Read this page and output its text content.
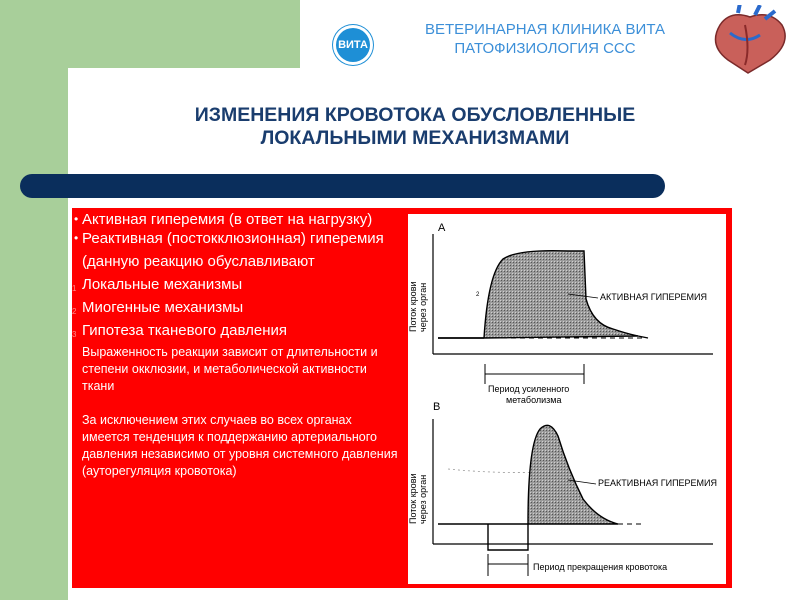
ВИТА
ВЕТЕРИНАРНАЯ КЛИНИКА ВИТА
ПАТОФИЗИОЛОГИЯ ССС
ИЗМЕНЕНИЯ КРОВОТОКА ОБУСЛОВЛЕННЫЕ
ЛОКАЛЬНЫМИ МЕХАНИЗМАМИ
• Активная гиперемия (в ответ на нагрузку)
• Реактивная (постокклюзионная) гиперемия
(данную реакцию обуславливают
1 Локальные механизмы
2 Миогенные механизмы
3 Гипотеза тканевого давления
Выраженность реакции зависит от длительности и степени окклюзии, и метаболической активности ткани
За исключением этих случаев во всех органах имеется тенденция к поддержанию артериального давления независимо от уровня системного давления (ауторегуляция кровотока)
A
Поток крови через орган	2	АКТИВНАЯ ГИПЕРЕМИЯ
Период усиленного
метаболизма
B
Поток крови через орган	РЕАКТИВНАЯ ГИПЕРЕМИЯ
Период прекращения кровотока
